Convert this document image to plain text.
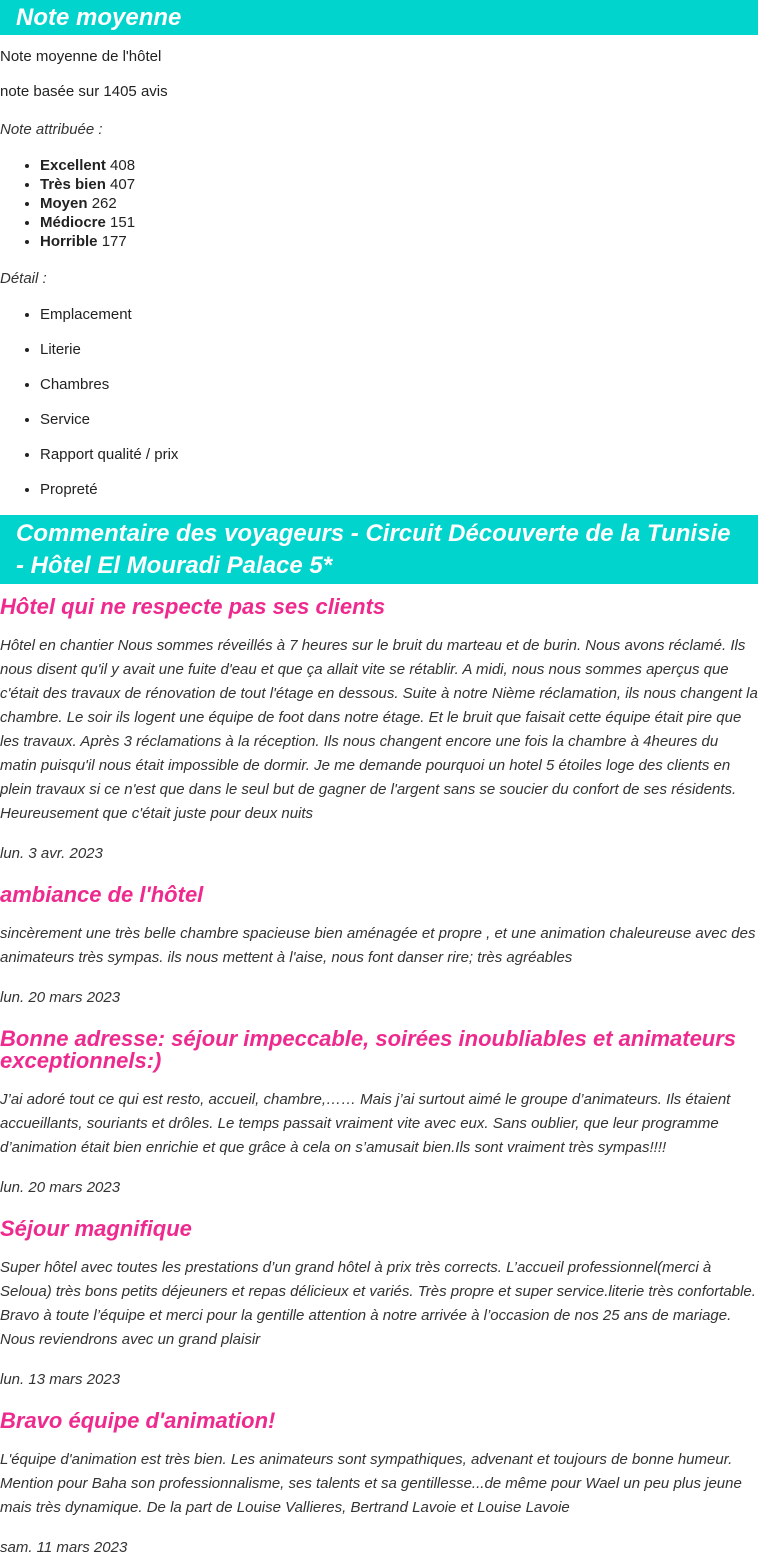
Note moyenne

Note moyenne de l'hôtel

note basée sur 1405 avis

Note attribuée :

• Excellent 408
• Très bien 407
• Moyen 262
• Médiocre 151
• Horrible 177

Détail :

• Emplacement
• Literie
• Chambres
• Service
• Rapport qualité / prix
• Propreté
Commentaire des voyageurs - Circuit Découverte de la Tunisie - Hôtel El Mouradi Palace 5*
Hôtel qui ne respecte pas ses clients

Hôtel en chantier Nous sommes réveillés à 7 heures sur le bruit du marteau et de burin. Nous avons réclamé. Ils nous disent qu'il y avait une fuite d'eau et que ça allait vite se rétablir. A midi, nous nous sommes aperçus que c'était des travaux de rénovation de tout l'étage en dessous. Suite à notre Nième réclamation, ils nous changent la chambre. Le soir ils logent une équipe de foot dans notre étage. Et le bruit que faisait cette équipe était pire que les travaux. Après 3 réclamations à la réception. Ils nous changent encore une fois la chambre à 4heures du matin puisqu'il nous était impossible de dormir. Je me demande pourquoi un hotel 5 étoiles loge des clients en plein travaux si ce n'est que dans le seul but de gagner de l'argent sans se soucier du confort de ses résidents. Heureusement que c'était juste pour deux nuits

lun. 3 avr. 2023

ambiance de l'hôtel

sincèrement une très belle chambre spacieuse bien aménagée et propre , et une animation chaleureuse avec des animateurs très sympas. ils nous mettent à l'aise, nous font danser rire; très agréables

lun. 20 mars 2023

Bonne adresse: séjour impeccable, soirées inoubliables et animateurs exceptionnels:)

J’ai adoré tout ce qui est resto, accueil, chambre,…… Mais j’ai surtout aimé le groupe d’animateurs. Ils étaient accueillants, souriants et drôles. Le temps passait vraiment vite avec eux. Sans oublier, que leur programme d’animation était bien enrichie et que grâce à cela on s’amusait bien.Ils sont vraiment très sympas!!!!

lun. 20 mars 2023

Séjour magnifique

Super hôtel avec toutes les prestations d’un grand hôtel à prix très corrects. L’accueil professionnel(merci à Seloua) très bons petits déjeuners et repas délicieux et variés. Très propre et super service.literie très confortable. Bravo à toute l’équipe et merci pour la gentille attention à notre arrivée à l’occasion de nos 25 ans de mariage. Nous reviendrons avec un grand plaisir

lun. 13 mars 2023

Bravo équipe d'animation!

L'équipe d'animation est très bien. Les animateurs sont sympathiques, advenant et toujours de bonne humeur. Mention pour Baha son professionnalisme, ses talents et sa gentillesse...de même pour Wael un peu plus jeune mais très dynamique. De la part de Louise Vallieres, Bertrand Lavoie et Louise Lavoie

sam. 11 mars 2023
